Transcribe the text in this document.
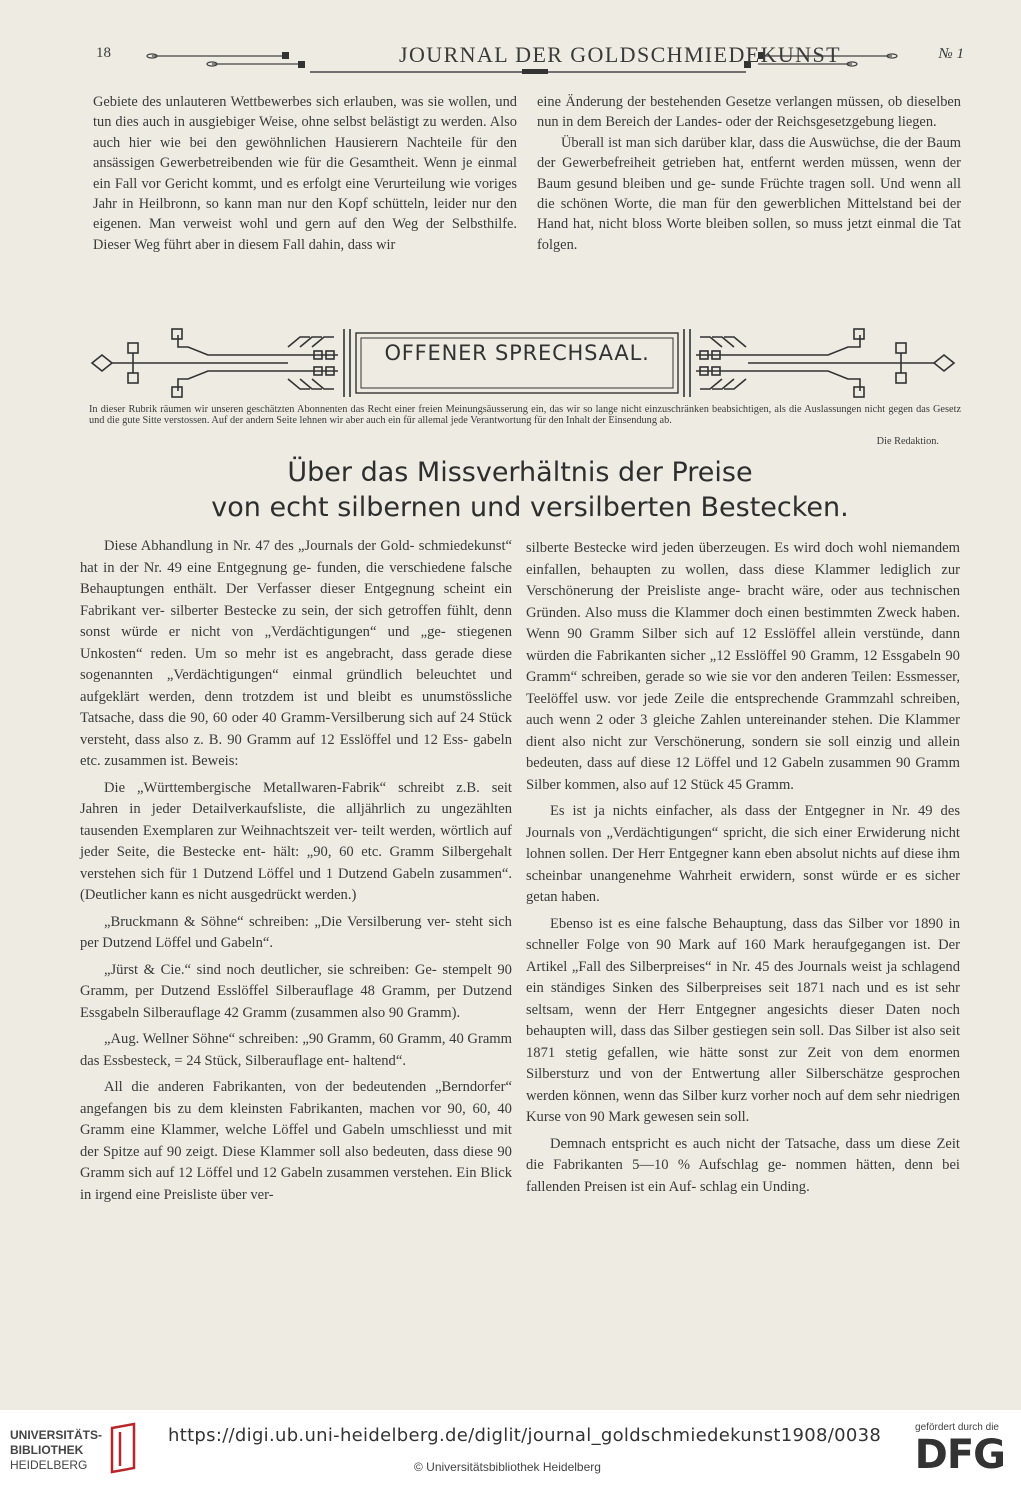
18	JOURNAL DER GOLDSCHMIEDEKUNST	№ 1

Gebiete des unlauteren Wettbewerbes sich erlauben, was sie wollen, und tun dies auch in ausgiebiger Weise, ohne selbst belästigt zu werden. Also auch hier wie bei den gewöhnlichen Hausierern Nachteile für den ansässigen Gewerbetreibenden wie für die Gesamtheit. Wenn je einmal ein Fall vor Gericht kommt, und es erfolgt eine Verurteilung wie voriges Jahr in Heilbronn, so kann man nur den Kopf schütteln, leider nur den eigenen. Man verweist wohl und gern auf den Weg der Selbsthilfe. Dieser Weg führt aber in diesem Fall dahin, dass wir

eine Änderung der bestehenden Gesetze verlangen müssen, ob dieselben nun in dem Bereich der Landes- oder der Reichsgesetzgebung liegen.

Überall ist man sich darüber klar, dass die Auswüchse, die der Baum der Gewerbefreiheit getrieben hat, entfernt werden müssen, wenn der Baum gesund bleiben und ge- sunde Früchte tragen soll. Und wenn all die schönen Worte, die man für den gewerblichen Mittelstand bei der Hand hat, nicht bloss Worte bleiben sollen, so muss jetzt einmal die Tat folgen.

OFFENER SPRECHSAAL.
In dieser Rubrik räumen wir unseren geschätzten Abonnenten das Recht einer freien Meinungsäusserung ein, das wir so lange nicht einzuschränken beabsichtigen, als die Auslassungen nicht gegen das Gesetz und die gute Sitte verstossen. Auf der andern Seite lehnen wir aber auch ein für allemal jede Verantwortung für den Inhalt der Einsendung ab.
Die Redaktion.
Über das Missverhältnis der Preise

von echt silbernen und versilberten Bestecken.

Diese Abhandlung in Nr. 47 des „Journals der Gold- schmiedekunst“ hat in der Nr. 49 eine Entgegnung ge- funden, die verschiedene falsche Behauptungen enthält. Der Verfasser dieser Entgegnung scheint ein Fabrikant ver- silberter Bestecke zu sein, der sich getroffen fühlt, denn sonst würde er nicht von „Verdächtigungen“ und „ge- stiegenen Unkosten“ reden. Um so mehr ist es angebracht, dass gerade diese sogenannten „Verdächtigungen“ einmal gründlich beleuchtet und aufgeklärt werden, denn trotzdem ist und bleibt es unumstössliche Tatsache, dass die 90, 60 oder 40 Gramm-Versilberung sich auf 24 Stück versteht, dass also z. B. 90 Gramm auf 12 Esslöffel und 12 Ess- gabeln etc. zusammen ist. Beweis:

Die „Württembergische Metallwaren-Fabrik“ schreibt z.B. seit Jahren in jeder Detailverkaufsliste, die alljährlich zu ungezählten tausenden Exemplaren zur Weihnachtszeit ver- teilt werden, wörtlich auf jeder Seite, die Bestecke ent- hält: „90, 60 etc. Gramm Silbergehalt verstehen sich für 1 Dutzend Löffel und 1 Dutzend Gabeln zusammen“. (Deutlicher kann es nicht ausgedrückt werden.)

„Bruckmann & Söhne“ schreiben: „Die Versilberung ver- steht sich per Dutzend Löffel und Gabeln“.

„Jürst & Cie.“ sind noch deutlicher, sie schreiben: Ge- stempelt 90 Gramm, per Dutzend Esslöffel Silberauflage 48 Gramm, per Dutzend Essgabeln Silberauflage 42 Gramm (zusammen also 90 Gramm).

„Aug. Wellner Söhne“ schreiben: „90 Gramm, 60 Gramm, 40 Gramm das Essbesteck, = 24 Stück, Silberauflage ent- haltend“.

All die anderen Fabrikanten, von der bedeutenden „Berndorfer“ angefangen bis zu dem kleinsten Fabrikanten, machen vor 90, 60, 40 Gramm eine Klammer, welche Löffel und Gabeln umschliesst und mit der Spitze auf 90 zeigt. Diese Klammer soll also bedeuten, dass diese 90 Gramm sich auf 12 Löffel und 12 Gabeln zusammen verstehen. Ein Blick in irgend eine Preisliste über ver-

silberte Bestecke wird jeden überzeugen. Es wird doch wohl niemandem einfallen, behaupten zu wollen, dass diese Klammer lediglich zur Verschönerung der Preisliste ange- bracht wäre, oder aus technischen Gründen. Also muss die Klammer doch einen bestimmten Zweck haben. Wenn 90 Gramm Silber sich auf 12 Esslöffel allein verstünde, dann würden die Fabrikanten sicher „12 Esslöffel 90 Gramm, 12 Essgabeln 90 Gramm“ schreiben, gerade so wie sie vor den anderen Teilen: Essmesser, Teelöffel usw. vor jede Zeile die entsprechende Grammzahl schreiben, auch wenn 2 oder 3 gleiche Zahlen untereinander stehen. Die Klammer dient also nicht zur Verschönerung, sondern sie soll einzig und allein bedeuten, dass auf diese 12 Löffel und 12 Gabeln zusammen 90 Gramm Silber kommen, also auf 12 Stück 45 Gramm.

Es ist ja nichts einfacher, als dass der Entgegner in Nr. 49 des Journals von „Verdächtigungen“ spricht, die sich einer Erwiderung nicht lohnen sollen. Der Herr Entgegner kann eben absolut nichts auf diese ihm scheinbar unangenehme Wahrheit erwidern, sonst würde er es sicher getan haben.

Ebenso ist es eine falsche Behauptung, dass das Silber vor 1890 in schneller Folge von 90 Mark auf 160 Mark heraufgegangen ist. Der Artikel „Fall des Silberpreises“ in Nr. 45 des Journals weist ja schlagend ein ständiges Sinken des Silberpreises seit 1871 nach und es ist sehr seltsam, wenn der Herr Entgegner angesichts dieser Daten noch behaupten will, dass das Silber gestiegen sein soll. Das Silber ist also seit 1871 stetig gefallen, wie hätte sonst zur Zeit von dem enormen Silbersturz und von der Entwertung aller Silberschätze gesprochen werden können, wenn das Silber kurz vorher noch auf dem sehr niedrigen Kurse von 90 Mark gewesen sein soll.

Demnach entspricht es auch nicht der Tatsache, dass um diese Zeit die Fabrikanten 5—10 % Aufschlag ge- nommen hätten, denn bei fallenden Preisen ist ein Auf- schlag ein Unding.

UNIVERSITÄTS-
BIBLIOTHEK
HEIDELBERG
https://digi.ub.uni-heidelberg.de/diglit/journal_goldschmiedekunst1908/0038
© Universitätsbibliothek Heidelberg
gefördert durch die
DFG
